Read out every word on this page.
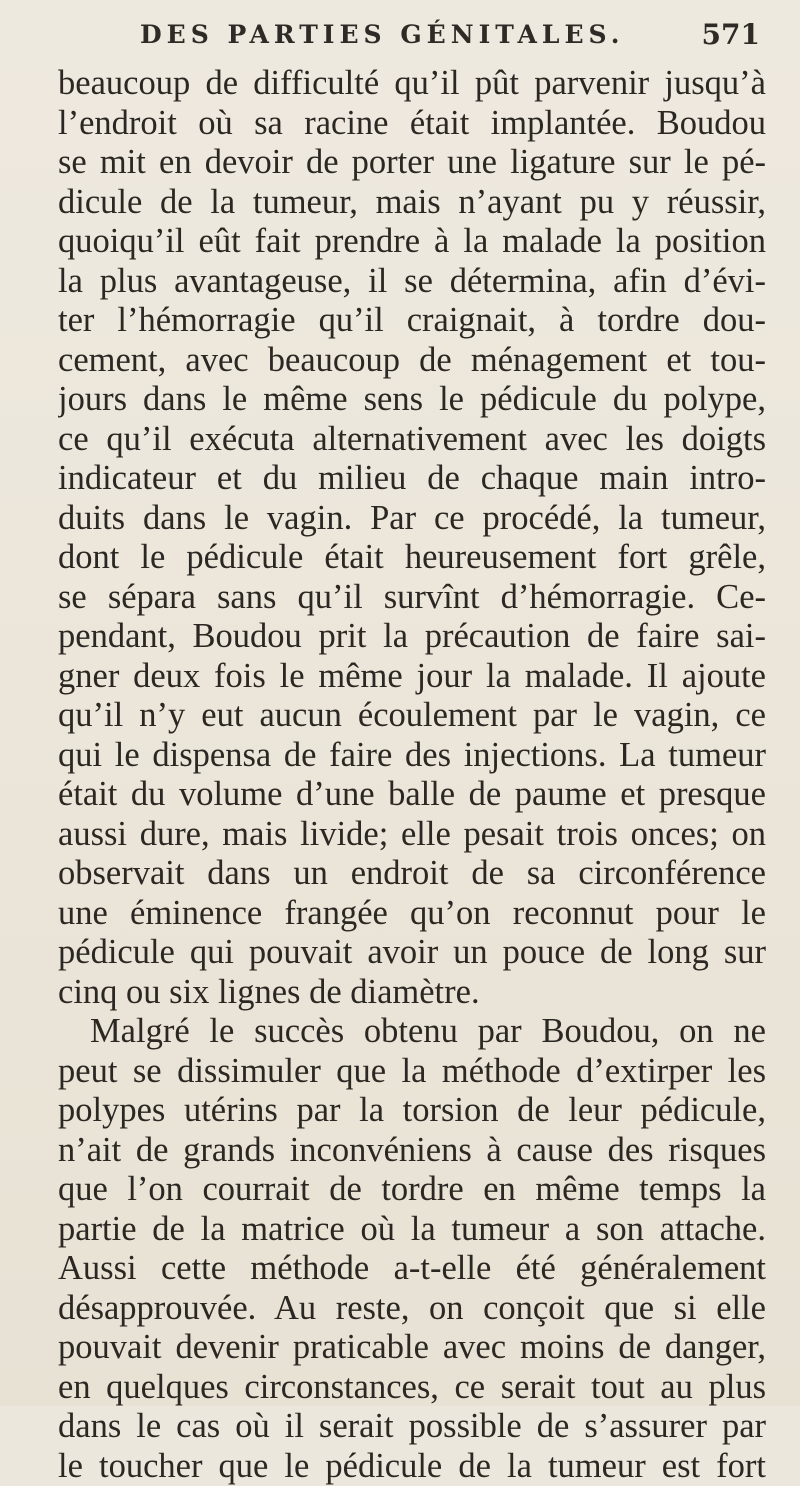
DES PARTIES GÉNITALES.	571
beaucoup de difficulté qu’il pût parvenir jusqu’à
l’endroit où sa racine était implantée. Boudou
se mit en devoir de porter une ligature sur le pé-
dicule de la tumeur, mais n’ayant pu y réussir,
quoiqu’il eût fait prendre à la malade la position
la plus avantageuse, il se détermina, afin d’évi-
ter l’hémorragie qu’il craignait, à tordre dou-
cement, avec beaucoup de ménagement et tou-
jours dans le même sens le pédicule du polype,
ce qu’il exécuta alternativement avec les doigts
indicateur et du milieu de chaque main intro-
duits dans le vagin. Par ce procédé, la tumeur,
dont le pédicule était heureusement fort grêle,
se sépara sans qu’il survînt d’hémorragie. Ce-
pendant, Boudou prit la précaution de faire sai-
gner deux fois le même jour la malade. Il ajoute
qu’il n’y eut aucun écoulement par le vagin, ce
qui le dispensa de faire des injections. La tumeur
était du volume d’une balle de paume et presque
aussi dure, mais livide; elle pesait trois onces; on
observait dans un endroit de sa circonférence
une éminence frangée qu’on reconnut pour le
pédicule qui pouvait avoir un pouce de long sur
cinq ou six lignes de diamètre.
Malgré le succès obtenu par Boudou, on ne
peut se dissimuler que la méthode d’extirper les
polypes utérins par la torsion de leur pédicule,
n’ait de grands inconvéniens à cause des risques
que l’on courrait de tordre en même temps la
partie de la matrice où la tumeur a son attache.
Aussi cette méthode a-t-elle été généralement
désapprouvée. Au reste, on conçoit que si elle
pouvait devenir praticable avec moins de danger,
en quelques circonstances, ce serait tout au plus
dans le cas où il serait possible de s’assurer par
le toucher que le pédicule de la tumeur est fort
